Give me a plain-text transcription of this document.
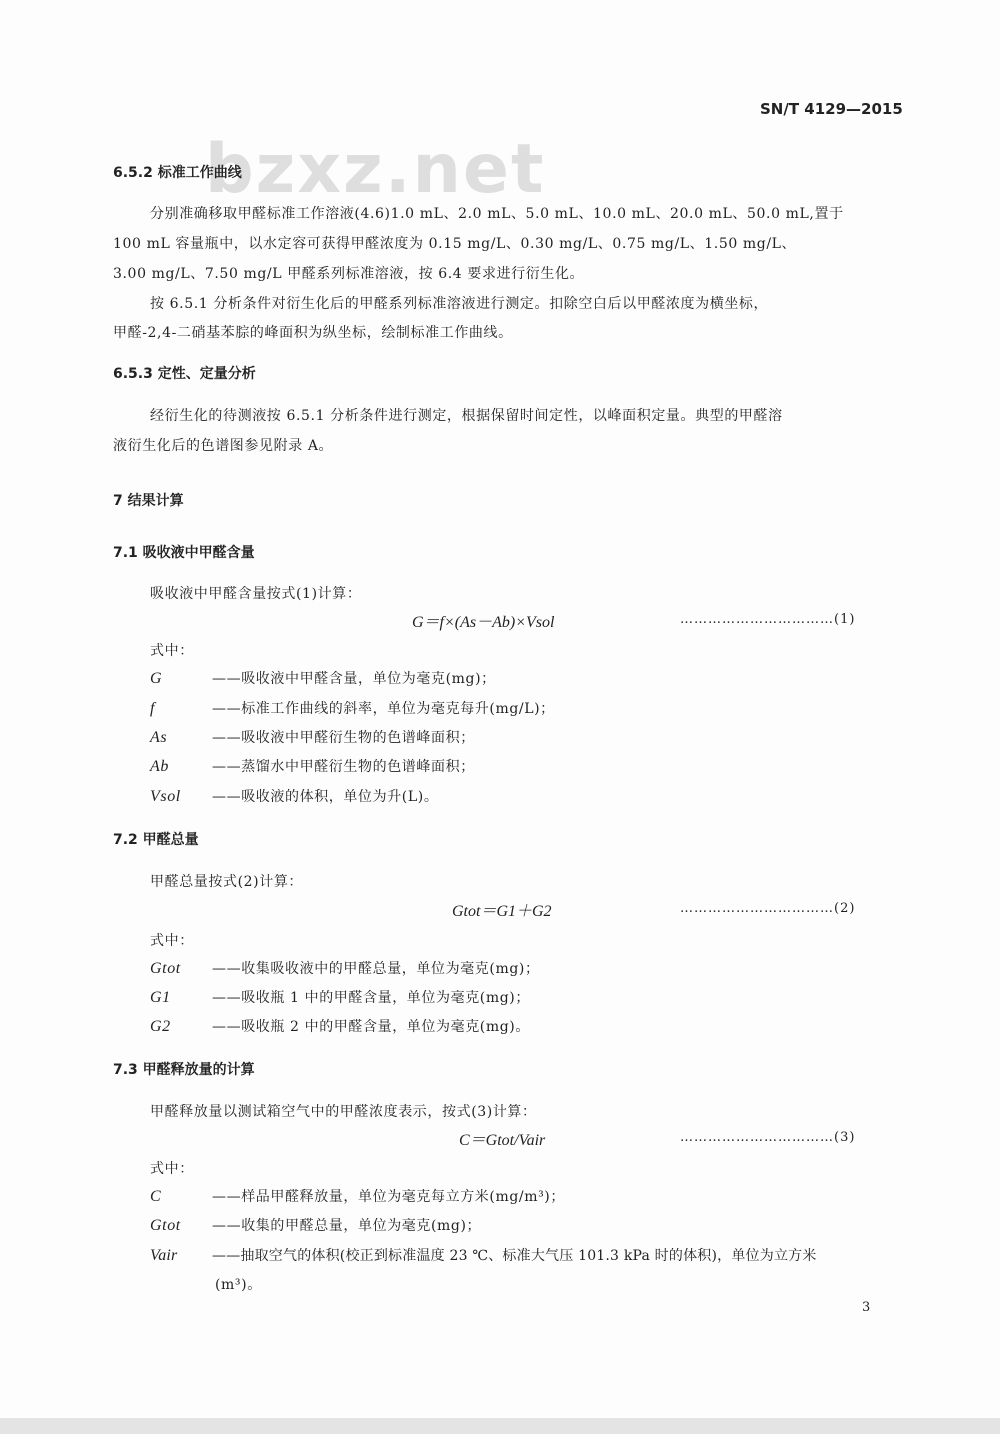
SN/T 4129—2015
bzxz.net
6.5.2 标准工作曲线
分别准确移取甲醛标准工作溶液(4.6)1.0 mL、2.0 mL、5.0 mL、10.0 mL、20.0 mL、50.0 mL,置于
100 mL 容量瓶中，以水定容可获得甲醛浓度为 0.15 mg/L、0.30 mg/L、0.75 mg/L、1.50 mg/L、
3.00 mg/L、7.50 mg/L 甲醛系列标准溶液，按 6.4 要求进行衍生化。
按 6.5.1 分析条件对衍生化后的甲醛系列标准溶液进行测定。扣除空白后以甲醛浓度为横坐标，
甲醛-2,4-二硝基苯腙的峰面积为纵坐标，绘制标准工作曲线。
6.5.3 定性、定量分析
经衍生化的待测液按 6.5.1 分析条件进行测定，根据保留时间定性，以峰面积定量。典型的甲醛溶
液衍生化后的色谱图参见附录 A。
7 结果计算
7.1 吸收液中甲醛含量
吸收液中甲醛含量按式(1)计算：
G＝f×(As－Ab)×Vsol	……………………………(1)
式中：
G	——吸收液中甲醛含量，单位为毫克(mg)；
f	——标准工作曲线的斜率，单位为毫克每升(mg/L)；
As	——吸收液中甲醛衍生物的色谱峰面积；
Ab	——蒸馏水中甲醛衍生物的色谱峰面积；
Vsol ——吸收液的体积，单位为升(L)。
7.2 甲醛总量
甲醛总量按式(2)计算：
Gtot＝G1＋G2	……………………………(2)
式中：
Gtot ——收集吸收液中的甲醛总量，单位为毫克(mg)；
G1	——吸收瓶 1 中的甲醛含量，单位为毫克(mg)；
G2	——吸收瓶 2 中的甲醛含量，单位为毫克(mg)。
7.3 甲醛释放量的计算
甲醛释放量以测试箱空气中的甲醛浓度表示，按式(3)计算：
C＝Gtot/Vair	……………………………(3)
式中：
C	——样品甲醛释放量，单位为毫克每立方米(mg/m³)；
Gtot ——收集的甲醛总量，单位为毫克(mg)；
Vair ——抽取空气的体积(校正到标准温度 23 ℃、标准大气压 101.3 kPa 时的体积)，单位为立方米
(m³)。
3
